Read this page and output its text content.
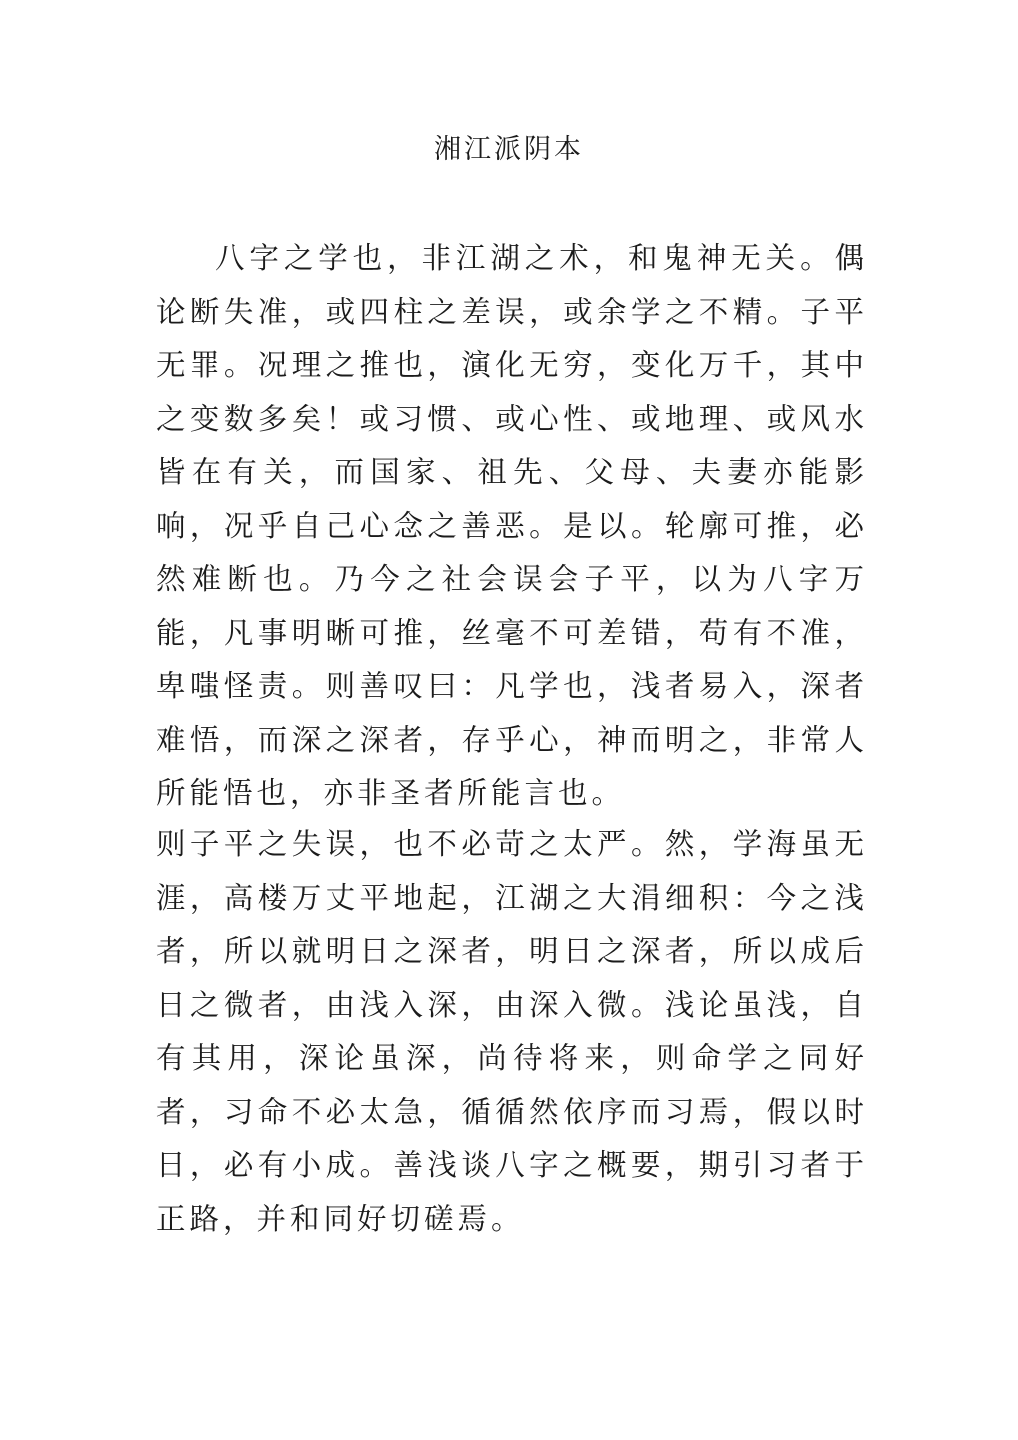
湘江派阴本

八字之学也，非江湖之术，和鬼神无关。偶论断失准，或四柱之差误，或余学之不精。子平无罪。况理之推也，演化无穷，变化万千，其中之变数多矣！或习惯、或心性、或地理、或风水皆在有关，而国家、祖先、父母、夫妻亦能影响，况乎自己心念之善恶。是以。轮廓可推，必然难断也。乃今之社会误会子平，以为八字万能，凡事明晰可推，丝毫不可差错，苟有不准，卑嗤怪责。则善叹曰：凡学也，浅者易入，深者难悟，而深之深者，存乎心，神而明之，非常人所能悟也，亦非圣者所能言也。

则子平之失误，也不必苛之太严。然，学海虽无涯，高楼万丈平地起，江湖之大涓细积：今之浅者，所以就明日之深者，明日之深者，所以成后日之微者，由浅入深，由深入微。浅论虽浅，自有其用，深论虽深，尚待将来，则命学之同好者，习命不必太急，循循然依序而习焉，假以时日，必有小成。善浅谈八字之概要，期引习者于正路，并和同好切磋焉。
